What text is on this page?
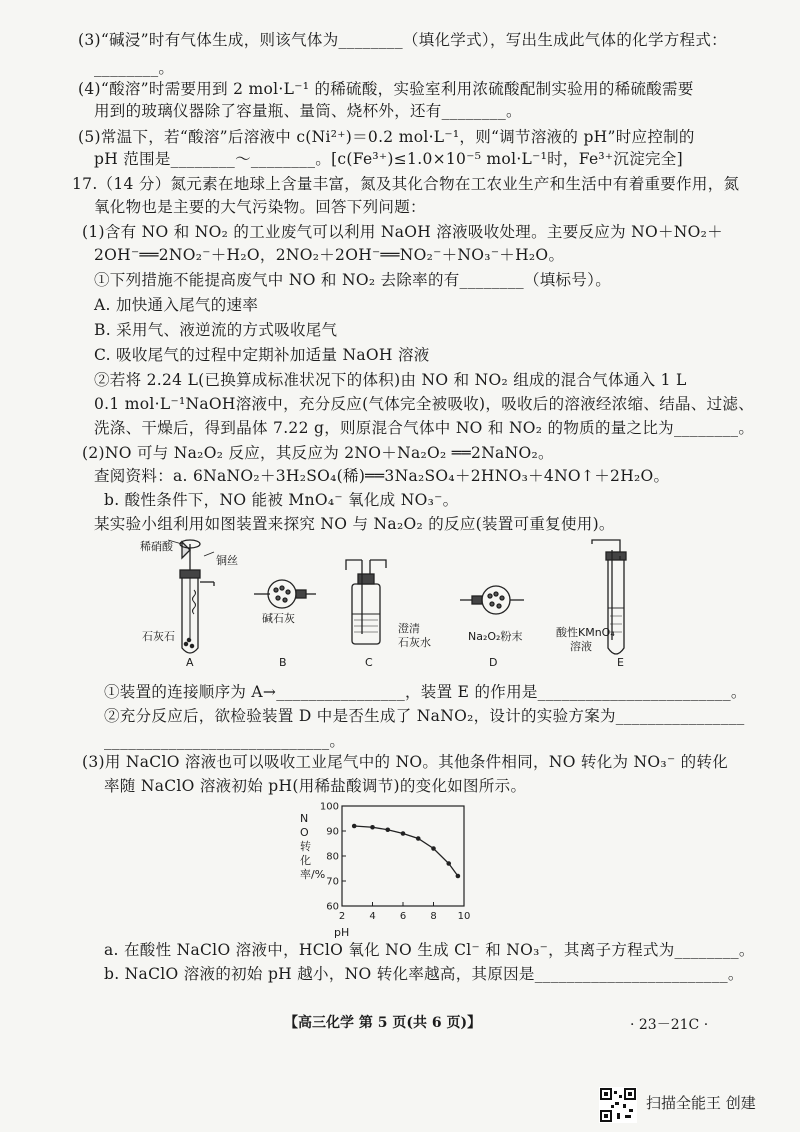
(3)“碱浸”时有气体生成，则该气体为________（填化学式），写出生成此气体的化学方程式：
________。
(4)“酸溶”时需要用到 2 mol·L⁻¹ 的稀硫酸，实验室利用浓硫酸配制实验用的稀硫酸需要
用到的玻璃仪器除了容量瓶、量筒、烧杯外，还有________。
(5)常温下，若“酸溶”后溶液中 c(Ni²⁺)＝0.2 mol·L⁻¹，则“调节溶液的 pH”时应控制的
pH 范围是________～________。[c(Fe³⁺)≤1.0×10⁻⁵ mol·L⁻¹时，Fe³⁺沉淀完全]
17.（14 分）氮元素在地球上含量丰富，氮及其化合物在工农业生产和生活中有着重要作用，氮
氧化物也是主要的大气污染物。回答下列问题：
(1)含有 NO 和 NO₂ 的工业废气可以利用 NaOH 溶液吸收处理。主要反应为 NO＋NO₂＋
2OH⁻══2NO₂⁻＋H₂O，2NO₂＋2OH⁻══NO₂⁻＋NO₃⁻＋H₂O。
①下列措施不能提高废气中 NO 和 NO₂ 去除率的有________（填标号）。
A. 加快通入尾气的速率
B. 采用气、液逆流的方式吸收尾气
C. 吸收尾气的过程中定期补加适量 NaOH 溶液
②若将 2.24 L(已换算成标准状况下的体积)由 NO 和 NO₂ 组成的混合气体通入 1 L
0.1 mol·L⁻¹NaOH溶液中，充分反应(气体完全被吸收)，吸收后的溶液经浓缩、结晶、过滤、
洗涤、干燥后，得到晶体 7.22 g，则原混合气体中 NO 和 NO₂ 的物质的量之比为________。
(2)NO 可与 Na₂O₂ 反应，其反应为 2NO＋Na₂O₂ ══2NaNO₂。
查阅资料：a. 6NaNO₂＋3H₂SO₄(稀)══3Na₂SO₄＋2HNO₃＋4NO↑＋2H₂O。
b. 酸性条件下，NO 能被 MnO₄⁻ 氧化成 NO₃⁻。
某实验小组利用如图装置来探究 NO 与 Na₂O₂ 的反应(装置可重复使用)。
稀硝酸
铜丝
石灰石
A
碱石灰
B
澄清
石灰水
C
Na₂O₂粉末
D
酸性KMnO₄
溶液
E
①装置的连接顺序为 A→________________，装置 E 的作用是________________________。
②充分反应后，欲检验装置 D 中是否生成了 NaNO₂，设计的实验方案为________________
____________________________。
(3)用 NaClO 溶液也可以吸收工业尾气中的 NO。其他条件相同，NO 转化为 NO₃⁻ 的转化
率随 NaClO 溶液初始 pH(用稀盐酸调节)的变化如图所示。
NO转化率/%
2 4 6 8 10
60
70
80
90
100
pH
a. 在酸性 NaClO 溶液中，HClO 氧化 NO 生成 Cl⁻ 和 NO₃⁻，其离子方程式为________。
b. NaClO 溶液的初始 pH 越小，NO 转化率越高，其原因是________________________。
【高三化学 第 5 页(共 6 页)】	· 23－21C ·
扫描全能王 创建
